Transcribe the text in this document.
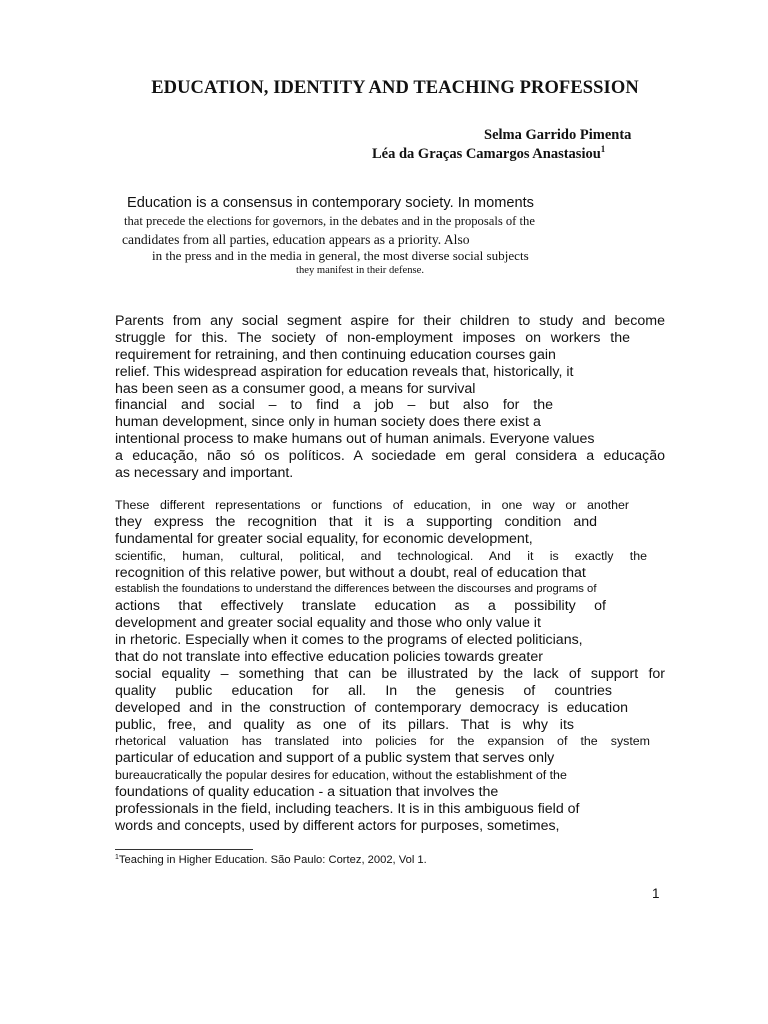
EDUCATION, IDENTITY AND TEACHING PROFESSION
Selma Garrido Pimenta
Léa da Graças Camargos Anastasiou$^1$
Education is a consensus in contemporary society. In moments
that precede the elections for governors, in the debates and in the proposals of the
candidates from all parties, education appears as a priority. Also
in the press and in the media in general, the most diverse social subjects
they manifest in their defense.
Parents from any social segment aspire for their children to study and become
struggle for this. The society of non-employment imposes on workers the
requirement for retraining, and then continuing education courses gain
relief. This widespread aspiration for education reveals that, historically, it
has been seen as a consumer good, a means for survival
financial and social – to find a job – but also for the
human development, since only in human society does there exist a
intentional process to make humans out of human animals. Everyone values
a educação, não só os políticos. A sociedade em geral considera a educação
as necessary and important.
These different representations or functions of education, in one way or another
they express the recognition that it is a supporting condition and
fundamental for greater social equality, for economic development,
scientific, human, cultural, political, and technological. And it is exactly the
recognition of this relative power, but without a doubt, real of education that
establish the foundations to understand the differences between the discourses and programs of
actions that effectively translate education as a possibility of
development and greater social equality and those who only value it
in rhetoric. Especially when it comes to the programs of elected politicians,
that do not translate into effective education policies towards greater
social equality – something that can be illustrated by the lack of support for
quality public education for all. In the genesis of countries
developed and in the construction of contemporary democracy is education
public, free, and quality as one of its pillars. That is why its
rhetorical valuation has translated into policies for the expansion of the system
particular of education and support of a public system that serves only
bureaucratically the popular desires for education, without the establishment of the
foundations of quality education - a situation that involves the
professionals in the field, including teachers. It is in this ambiguous field of
words and concepts, used by different actors for purposes, sometimes,
$^1$Teaching in Higher Education. São Paulo: Cortez, 2002, Vol 1.
1
